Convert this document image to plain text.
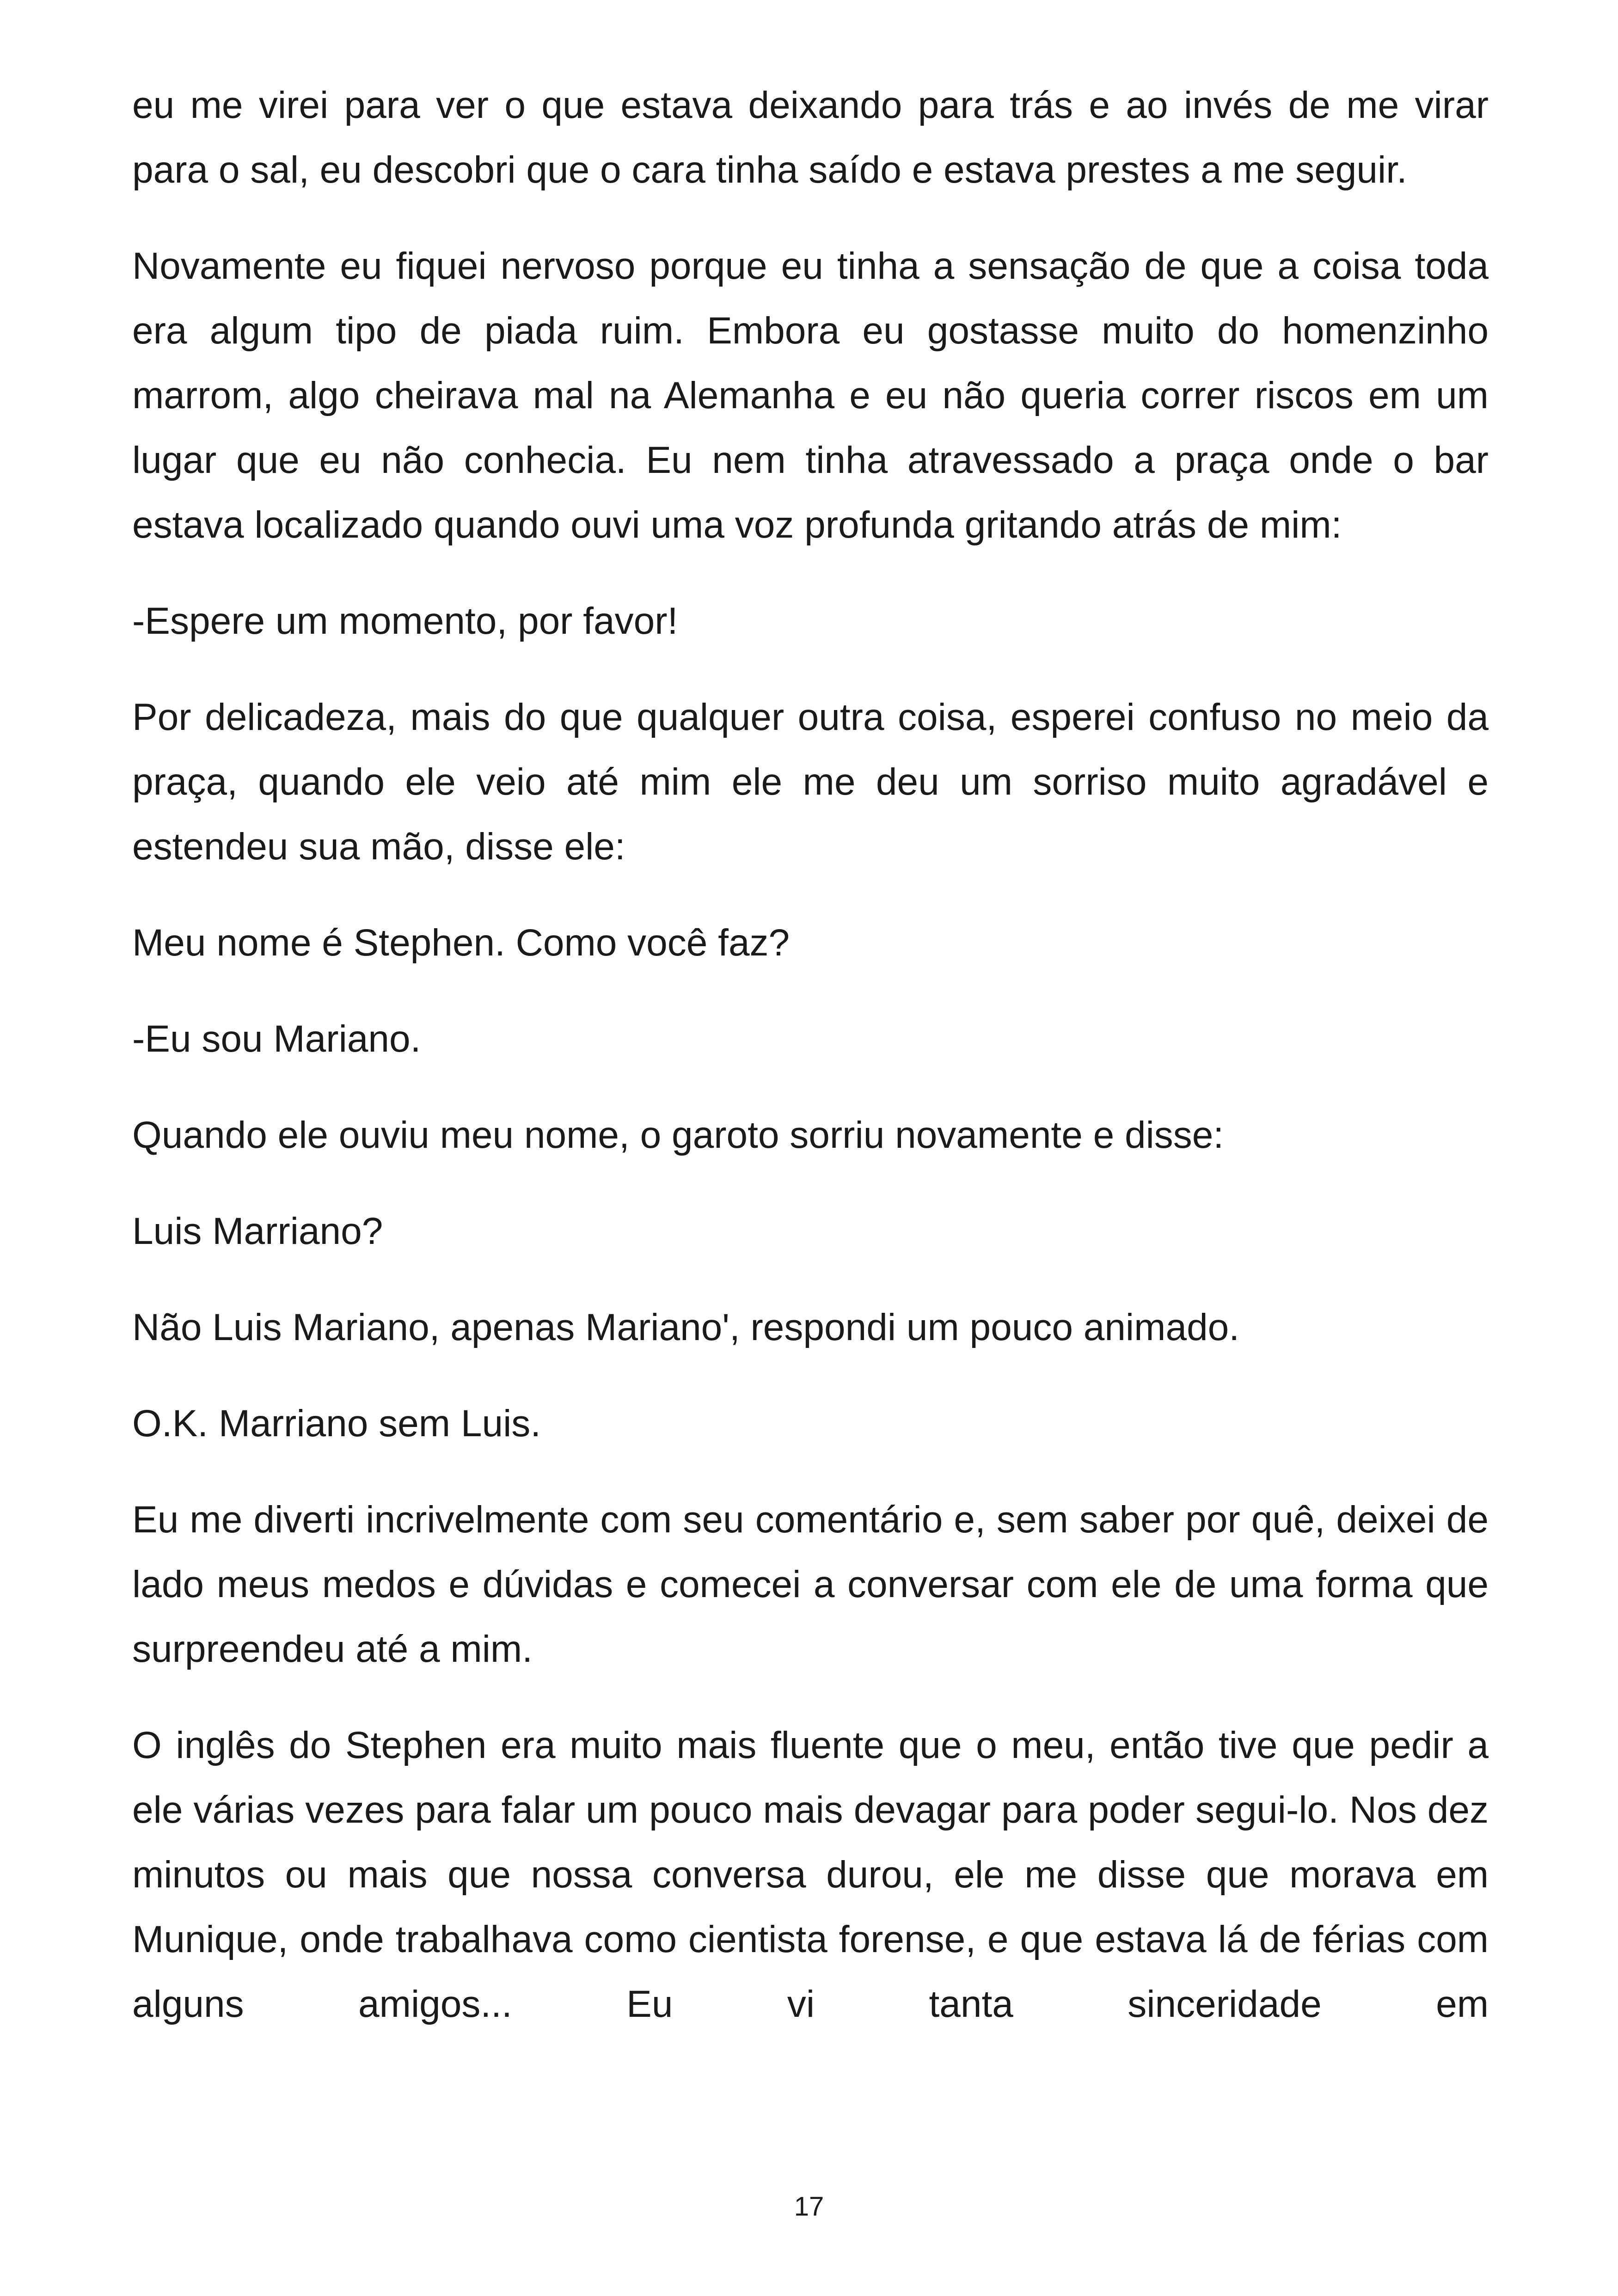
eu me virei para ver o que estava deixando para trás e ao invés de me virar para o sal, eu descobri que o cara tinha saído e estava prestes a me seguir.

Novamente eu fiquei nervoso porque eu tinha a sensação de que a coisa toda era algum tipo de piada ruim. Embora eu gostasse muito do homenzinho marrom, algo cheirava mal na Alemanha e eu não queria correr riscos em um lugar que eu não conhecia. Eu nem tinha atravessado a praça onde o bar estava localizado quando ouvi uma voz profunda gritando atrás de mim:

-Espere um momento, por favor!

Por delicadeza, mais do que qualquer outra coisa, esperei confuso no meio da praça, quando ele veio até mim ele me deu um sorriso muito agradável e estendeu sua mão, disse ele:

Meu nome é Stephen. Como você faz?

-Eu sou Mariano.

Quando ele ouviu meu nome, o garoto sorriu novamente e disse:

Luis Marriano?

Não Luis Mariano, apenas Mariano', respondi um pouco animado.

O.K. Marriano sem Luis.

Eu me diverti incrivelmente com seu comentário e, sem saber por quê, deixei de lado meus medos e dúvidas e comecei a conversar com ele de uma forma que surpreendeu até a mim.

O inglês do Stephen era muito mais fluente que o meu, então tive que pedir a ele várias vezes para falar um pouco mais devagar para poder segui-lo. Nos dez minutos ou mais que nossa conversa durou, ele me disse que morava em Munique, onde trabalhava como cientista forense, e que estava lá de férias com alguns amigos... Eu vi tanta sinceridade em

17
